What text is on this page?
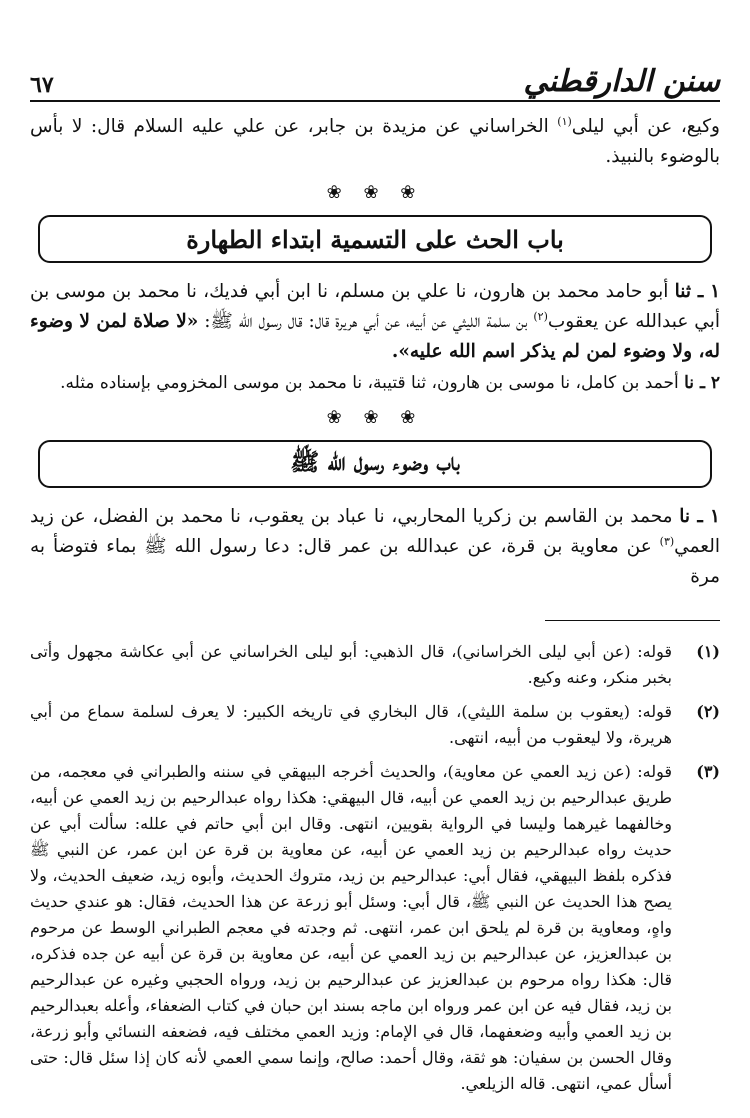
سنن الدارقطني
٦٧

وكيع، عن أبي ليلى$^{(١)}$ الخراساني عن مزيدة بن جابر، عن علي عليه السلام قال: لا بأس بالوضوء بالنبيذ.

❀ ❀ ❀
باب الحث على التسمية ابتداء الطهارة

١ ـ ثنا أبو حامد محمد بن هارون، نا علي بن مسلم، نا ابن أبي فديك، نا محمد بن موسى بن أبي عبدالله عن يعقوب$^{(٢)}$ بن سلمة الليثي عن أبيه، عن أبي هريرة قال: قال رسول الله ﷺ: «لا صلاة لمن لا وضوء له، ولا وضوء لمن لم يذكر اسم الله عليه».

٢ ـ نا أحمد بن كامل، نا موسى بن هارون، ثنا قتيبة، نا محمد بن موسى المخزومي بإسناده مثله.

❀ ❀ ❀
باب وضوء رسول الله ﷺ

١ ـ نا محمد بن القاسم بن زكريا المحاربي، نا عباد بن يعقوب، نا محمد بن الفضل، عن زيد العمي$^{(٣)}$ عن معاوية بن قرة، عن عبدالله بن عمر قال: دعا رسول الله ﷺ بماء فتوضأ به مرة

(١)
قوله: (عن أبي ليلى الخراساني)، قال الذهبي: أبو ليلى الخراساني عن أبي عكاشة مجهول وأتى بخبر منكر، وعنه وكيع.
(٢)
قوله: (يعقوب بن سلمة الليثي)، قال البخاري في تاريخه الكبير: لا يعرف لسلمة سماع من أبي هريرة، ولا ليعقوب من أبيه، انتهى.
(٣)
قوله: (عن زيد العمي عن معاوية)، والحديث أخرجه البيهقي في سننه والطبراني في معجمه، من طريق عبدالرحيم بن زيد العمي عن أبيه، قال البيهقي: هكذا رواه عبدالرحيم بن زيد العمي عن أبيه، وخالفهما غيرهما وليسا في الرواية بقويين، انتهى. وقال ابن أبي حاتم في علله: سألت أبي عن حديث رواه عبدالرحيم بن زيد العمي عن أبيه، عن معاوية بن قرة عن ابن عمر، عن النبي ﷺ فذكره بلفظ البيهقي، فقال أبي: عبدالرحيم بن زيد، متروك الحديث، وأبوه زيد، ضعيف الحديث، ولا يصح هذا الحديث عن النبي ﷺ، قال أبي: وسئل أبو زرعة عن هذا الحديث، فقال: هو عندي حديث واهٍ، ومعاوية بن قرة لم يلحق ابن عمر، انتهى. ثم وجدته في معجم الطبراني الوسط عن مرحوم بن عبدالعزيز، عن عبدالرحيم بن زيد العمي عن أبيه، عن معاوية بن قرة عن أبيه عن جده فذكره، قال: هكذا رواه مرحوم بن عبدالعزيز عن عبدالرحيم بن زيد، ورواه الحجبي وغيره عن عبدالرحيم بن زيد، فقال فيه عن ابن عمر ورواه ابن ماجه بسند ابن حبان في كتاب الضعفاء، وأعله بعبدالرحيم بن زيد العمي وأبيه وضعفهما، قال في الإمام: وزيد العمي مختلف فيه، فضعفه النسائي وأبو زرعة، وقال الحسن بن سفيان: هو ثقة، وقال أحمد: صالح، وإنما سمي العمي لأنه كان إذا سئل قال: حتى أسأل عمي، انتهى. قاله الزيلعي.
